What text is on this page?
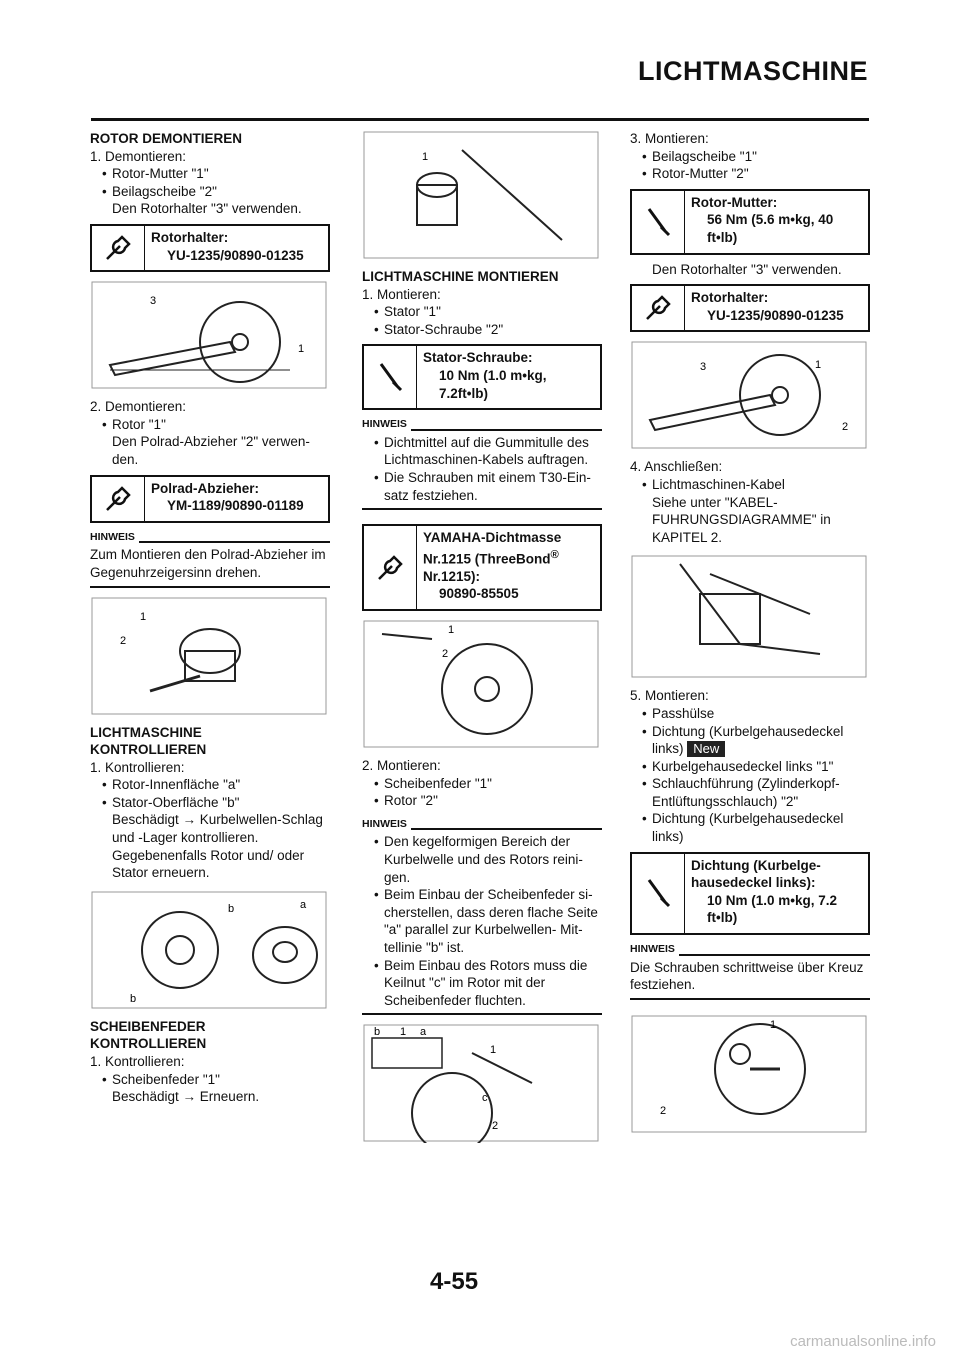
LICHTMASCHINE

ROTOR DEMONTIEREN

1. Demontieren:

• Rotor-Mutter "1"

• Beilagscheibe "2"

Den Rotorhalter "3" verwenden.

Rotorhalter:
YU-1235/90890-01235
3
1

2. Demontieren:

• Rotor "1"

Den Polrad-Abzieher "2" verwen-den.

Polrad-Abzieher:
YM-1189/90890-01189
HINWEIS

Zum Montieren den Polrad-Abzieher im Gegenuhrzeigersinn drehen.

1
2

LICHTMASCHINE

KONTROLLIEREN

1. Kontrollieren:

• Rotor-Innenfläche "a"

• Stator-Oberfläche "b"

Beschädigt → Kurbelwellen-Schlag und -Lager kontrollieren. Gegebenenfalls Rotor und/ oder Stator erneuern.

b	a
b

SCHEIBENFEDER

KONTROLLIEREN

1. Kontrollieren:

• Scheibenfeder "1"

Beschädigt → Erneuern.

1

LICHTMASCHINE MONTIEREN

1. Montieren:

• Stator "1"

• Stator-Schraube "2"

Stator-Schraube:
10 Nm (1.0 m•kg,
7.2ft•lb)
HINWEIS

• Dichtmittel auf die Gummitulle des Lichtmaschinen-Kabels auftragen.

• Die Schrauben mit einem T30-Ein-satz festziehen.

YAMAHA-Dichtmasse
Nr.1215 (ThreeBond®
Nr.1215):
90890-85505
1
2

2. Montieren:

• Scheibenfeder "1"

• Rotor "2"

HINWEIS

• Den kegelformigen Bereich der Kurbelwelle und des Rotors reini-gen.

• Beim Einbau der Scheibenfeder si-cherstellen, dass deren flache Seite "a" parallel zur Kurbelwellen- Mit-tellinie "b" ist.

• Beim Einbau des Rotors muss die Keilnut "c" im Rotor mit der Scheibenfeder fluchten.

b 1 a
1
c
2

3. Montieren:

• Beilagscheibe "1"

• Rotor-Mutter "2"

Rotor-Mutter:
56 Nm (5.6 m•kg, 40
ft•lb)

Den Rotorhalter "3" verwenden.

Rotorhalter:
YU-1235/90890-01235
3	1
2

4. Anschließen:

• Lichtmaschinen-Kabel

Siehe unter "KABEL-FUHRUNGSDIAGRAMME" in KAPITEL 2.

5. Montieren:

• Passhülse

• Dichtung (Kurbelgehausedeckel links) New

• Kurbelgehausedeckel links "1"

• Schlauchführung (Zylinderkopf-Entlüftungsschlauch) "2"

• Dichtung (Kurbelgehausedeckel links)

Dichtung (Kurbelge-
hausedeckel links):
10 Nm (1.0 m•kg, 7.2
ft•lb)
HINWEIS

Die Schrauben schrittweise über Kreuz festziehen.

1
2
4-55
carmanualsonline.info
